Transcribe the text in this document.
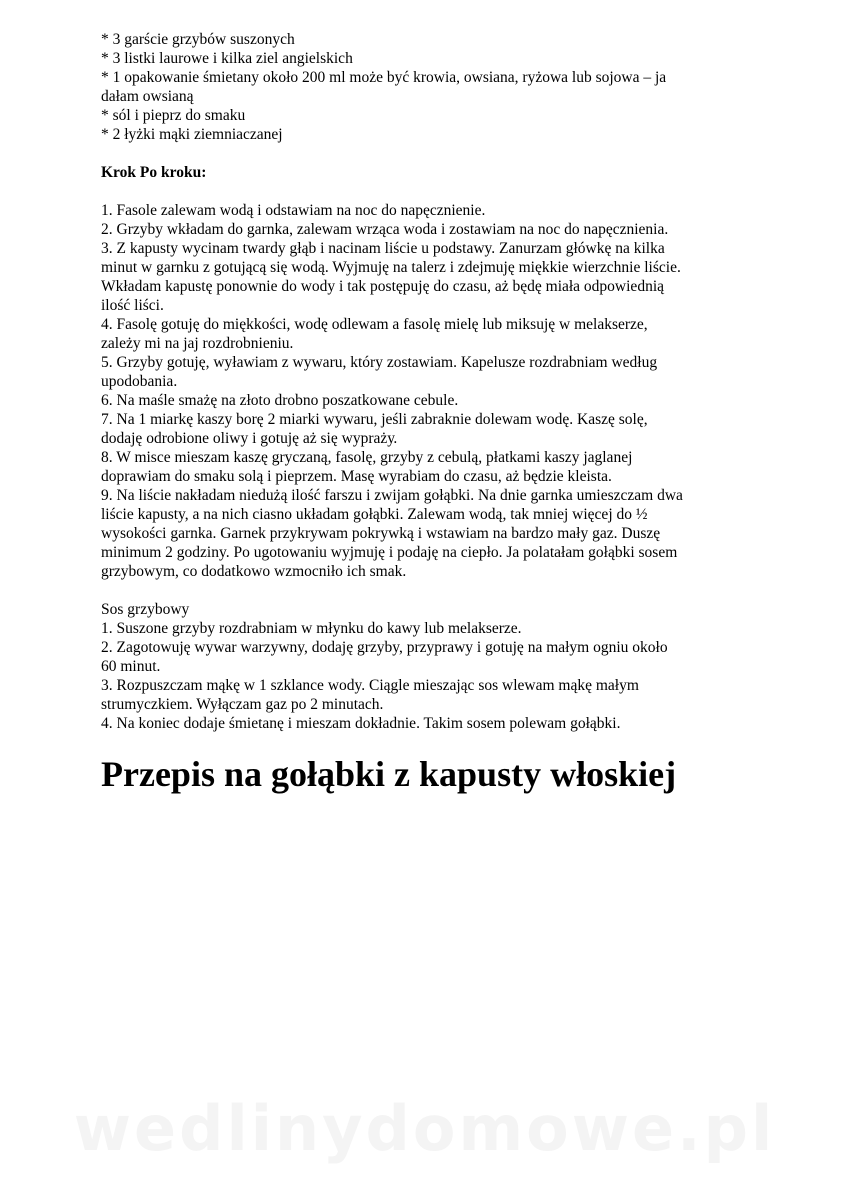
* 3 garście grzybów suszonych
* 3 listki laurowe i kilka ziel angielskich
* 1 opakowanie śmietany około 200 ml może być krowia, owsiana, ryżowa lub sojowa – ja
dałam owsianą
* sól i pieprz do smaku
* 2 łyżki mąki ziemniaczanej
Krok Po kroku:
1. Fasole zalewam wodą i odstawiam na noc do napęcznienie.
2. Grzyby wkładam do garnka, zalewam wrząca woda i zostawiam na noc do napęcznienia.
3. Z kapusty wycinam twardy głąb i nacinam liście u podstawy. Zanurzam główkę na kilka
minut w garnku z gotującą się wodą. Wyjmuję na talerz i zdejmuję miękkie wierzchnie liście.
Wkładam kapustę ponownie do wody i tak postępuję do czasu, aż będę miała odpowiednią
ilość liści.
4. Fasolę gotuję do miękkości, wodę odlewam a fasolę mielę lub miksuję w melakserze,
zależy mi na jaj rozdrobnieniu.
5. Grzyby gotuję, wyławiam z wywaru, który zostawiam. Kapelusze rozdrabniam według
upodobania.
6. Na maśle smażę na złoto drobno poszatkowane cebule.
7. Na 1 miarkę kaszy borę 2 miarki wywaru, jeśli zabraknie dolewam wodę. Kaszę solę,
dodaję odrobione oliwy i gotuję aż się wyprażу.
8. W misce mieszam kaszę gryczaną, fasolę, grzyby z cebulą, płatkami kaszy jaglanej
doprawiam do smaku solą i pieprzem. Masę wyrabiam do czasu, aż będzie kleista.
9. Na liście nakładam niedużą ilość farszu i zwijam gołąbki. Na dnie garnka umieszczam dwa
liście kapusty, a na nich ciasno układam gołąbki. Zalewam wodą, tak mniej więcej do ½
wysokości garnka. Garnek przykrywam pokrywką i wstawiam na bardzo mały gaz. Duszę
minimum 2 godziny. Po ugotowaniu wyjmuję i podaję na ciepło. Ja polatałam gołąbki sosem
grzybowym, co dodatkowo wzmocniło ich smak.
Sos grzybowy
1. Suszone grzyby rozdrabniam w młynku do kawy lub melakserze.
2. Zagotowuję wywar warzywny, dodaję grzyby, przyprawy i gotuję na małym ogniu około
60 minut.
3. Rozpuszczam mąkę w 1 szklance wody. Ciągle mieszając sos wlewam mąkę małym
strumyczkiem. Wyłączam gaz po 2 minutach.
4. Na koniec dodaje śmietanę i mieszam dokładnie. Takim sosem polewam gołąbki.
Przepis na gołąbki z kapusty włoskiej
wedlinydomowe.pl
